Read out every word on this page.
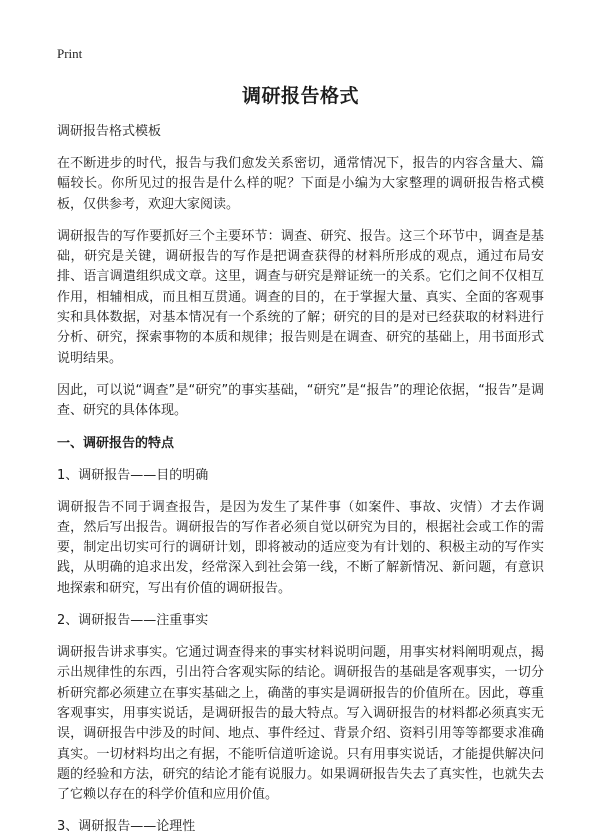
Print
调研报告格式
调研报告格式模板

在不断进步的时代，报告与我们愈发关系密切，通常情况下，报告的内容含量大、篇幅较长。你所见过的报告是什么样的呢？下面是小编为大家整理的调研报告格式模板，仅供参考，欢迎大家阅读。

调研报告的写作要抓好三个主要环节：调查、研究、报告。这三个环节中，调查是基础，研究是关键，调研报告的写作是把调查获得的材料所形成的观点，通过布局安排、语言调遣组织成文章。这里，调查与研究是辩证统一的关系。它们之间不仅相互作用，相辅相成，而且相互贯通。调查的目的，在于掌握大量、真实、全面的客观事实和具体数据，对基本情况有一个系统的了解；研究的目的是对已经获取的材料进行分析、研究，探索事物的本质和规律；报告则是在调查、研究的基础上，用书面形式说明结果。

因此，可以说“调查”是“研究”的事实基础，“研究”是“报告”的理论依据，“报告”是调查、研究的具体体现。

一、调研报告的特点
1、调研报告——目的明确

调研报告不同于调查报告，是因为发生了某件事（如案件、事故、灾情）才去作调查，然后写出报告。调研报告的写作者必须自觉以研究为目的，根据社会或工作的需要，制定出切实可行的调研计划，即将被动的适应变为有计划的、积极主动的写作实践，从明确的追求出发，经常深入到社会第一线，不断了解新情况、新问题，有意识地探索和研究，写出有价值的调研报告。

2、调研报告——注重事实

调研报告讲求事实。它通过调查得来的事实材料说明问题，用事实材料阐明观点，揭示出规律性的东西，引出符合客观实际的结论。调研报告的基础是客观事实，一切分析研究都必须建立在事实基础之上，确凿的事实是调研报告的价值所在。因此，尊重客观事实，用事实说话，是调研报告的最大特点。写入调研报告的材料都必须真实无误，调研报告中涉及的时间、地点、事件经过、背景介绍、资料引用等等都要求准确真实。一切材料均出之有据，不能听信道听途说。只有用事实说话，才能提供解决问题的经验和方法，研究的结论才能有说服力。如果调研报告失去了真实性，也就失去了它赖以存在的科学价值和应用价值。

3、调研报告——论理性
